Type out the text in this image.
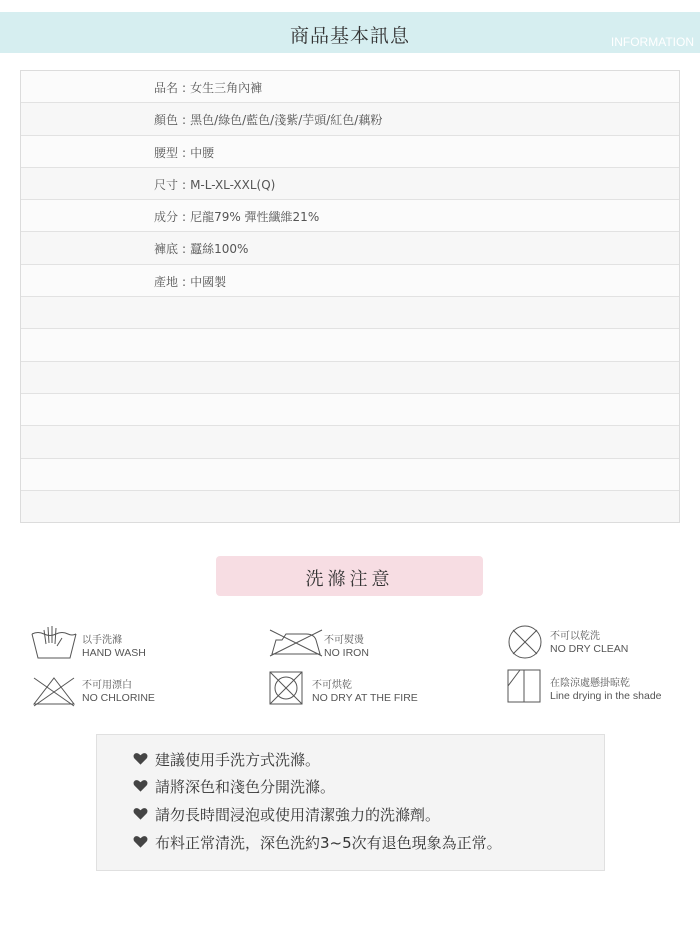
商品基本訊息	INFORMATION
品名 : 女生三角內褲
顏色 : 黑色/綠色/藍色/淺紫/芋頭/紅色/藕粉
腰型 : 中腰
尺寸 : M-L-XL-XXL(Q)
成分 : 尼龍79% 彈性纖維21%
褲底 : 蠶絲100%
產地 : 中國製
洗滌注意
以手洗滌
HAND WASH
不可熨燙
NO IRON
不可以乾洗
NO DRY CLEAN
不可用漂白
NO CHLORINE
不可烘乾
NO DRY AT THE FIRE
在陰涼處懸掛晾乾
Line drying in the shade
建議使用手洗方式洗滌。
請將深色和淺色分開洗滌。
請勿長時間浸泡或使用清潔強力的洗滌劑。
布料正常清洗，深色洗約3~5次有退色現象為正常。
